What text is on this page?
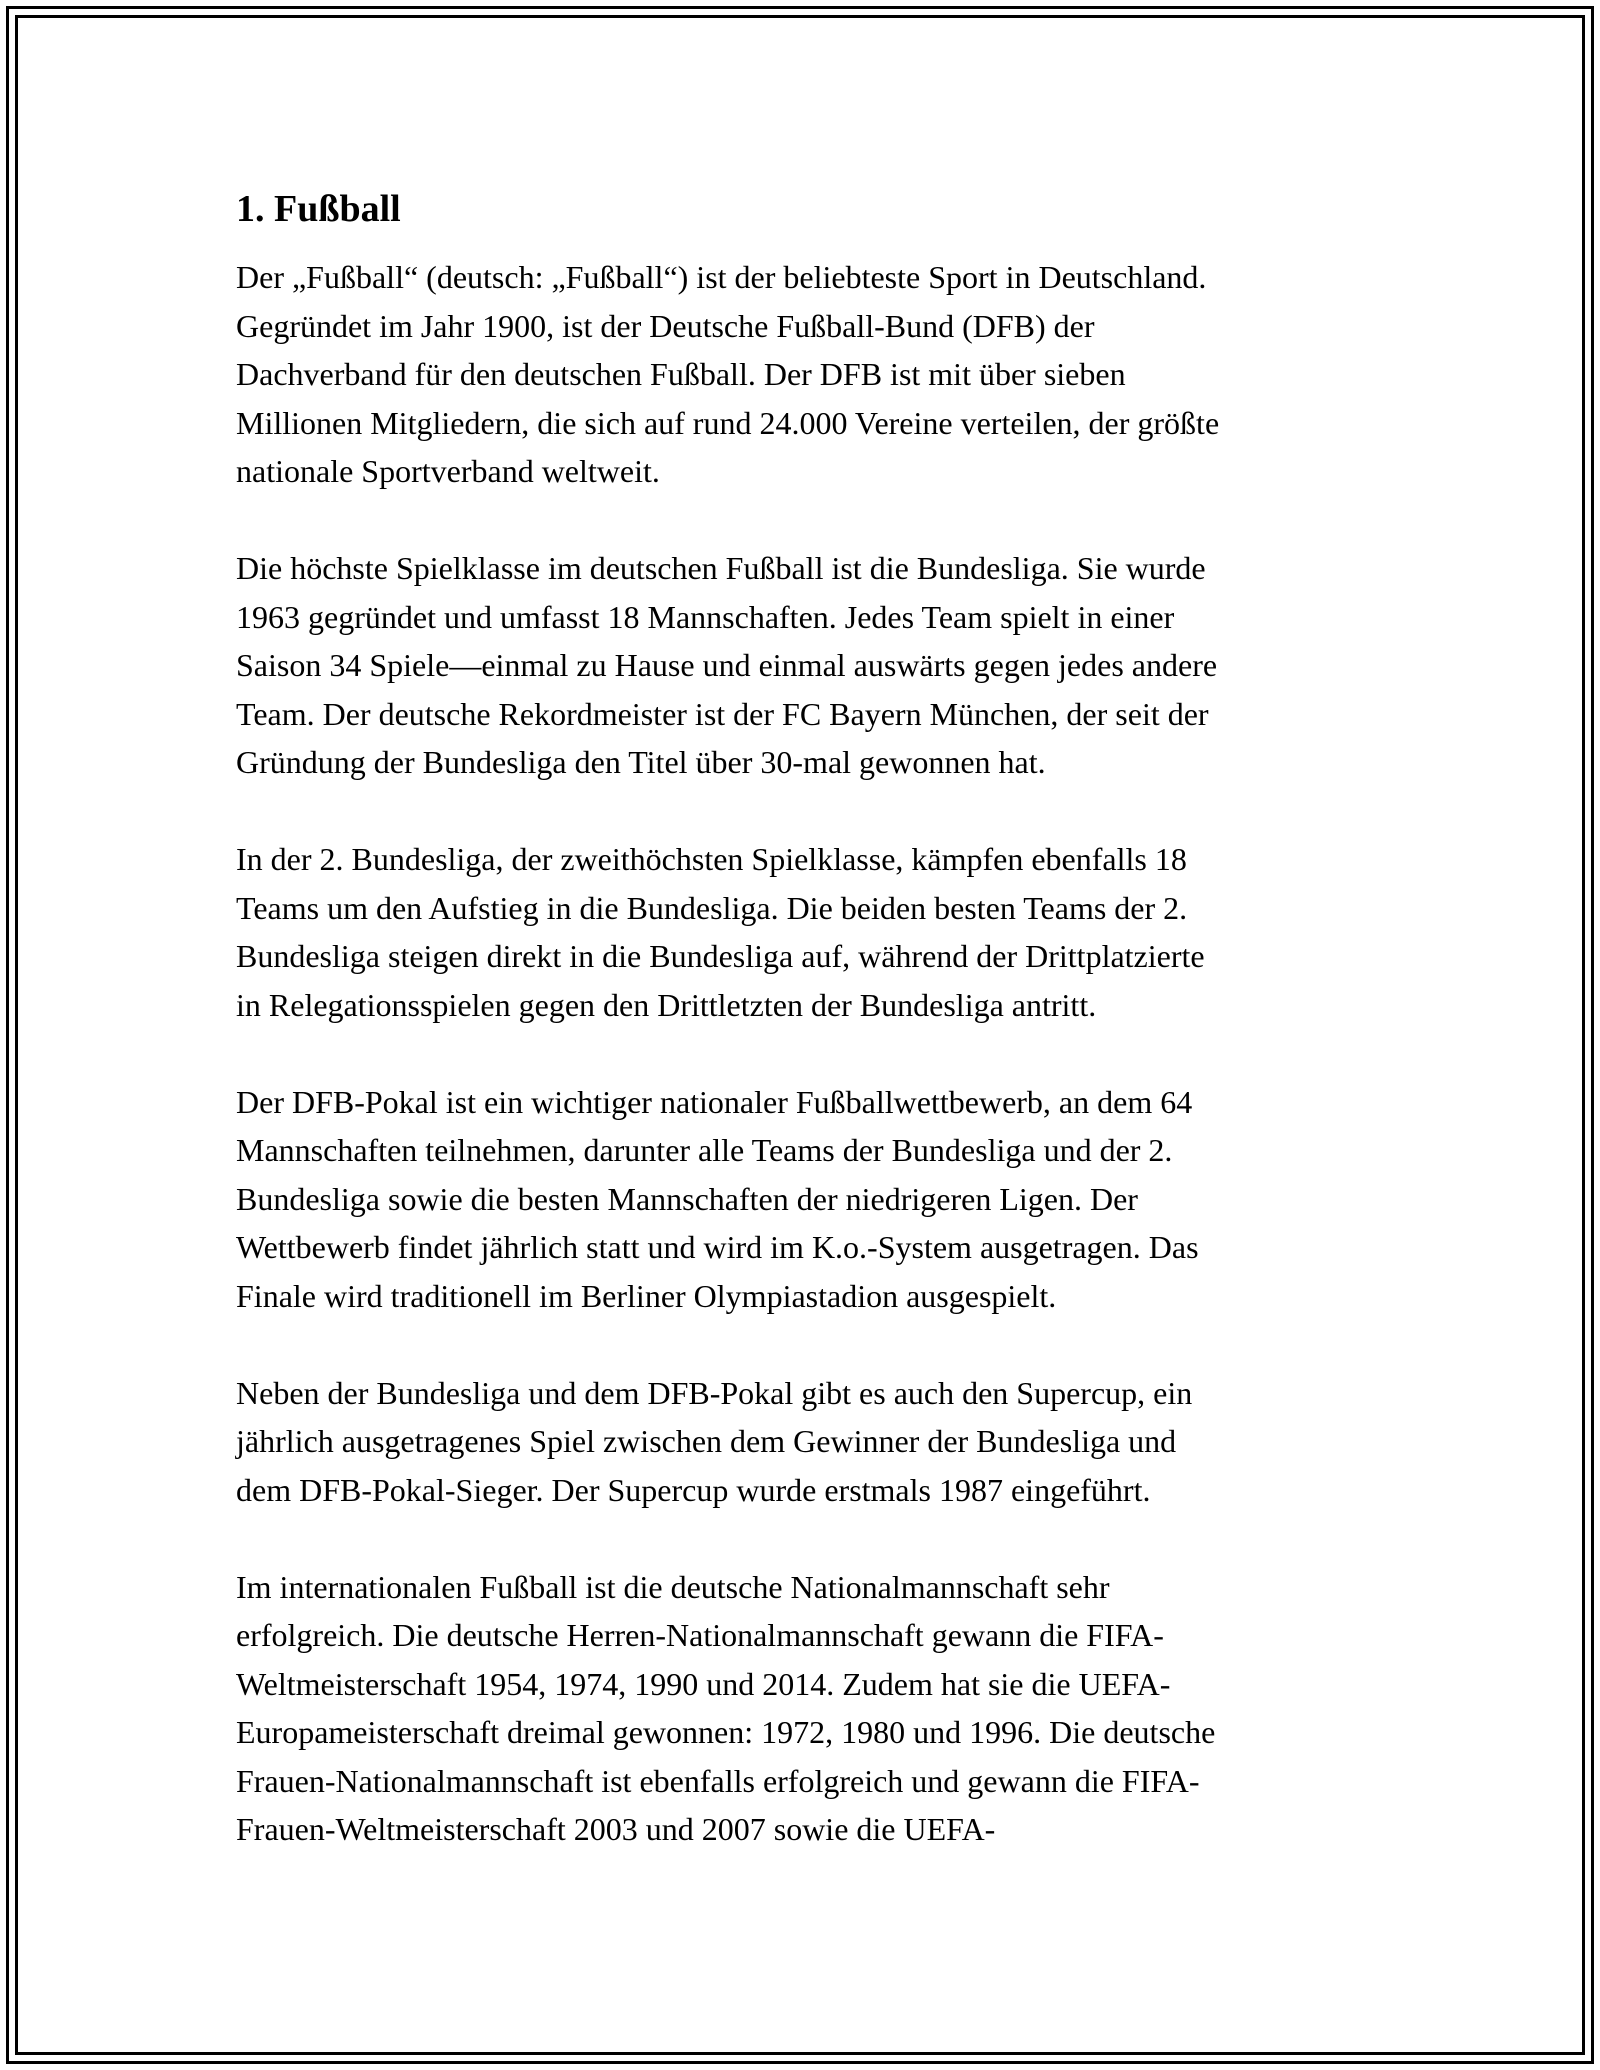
1. Fußball

Der „Fußball“ (deutsch: „Fußball“) ist der beliebteste Sport in Deutschland.
Gegründet im Jahr 1900, ist der Deutsche Fußball-Bund (DFB) der
Dachverband für den deutschen Fußball. Der DFB ist mit über sieben
Millionen Mitgliedern, die sich auf rund 24.000 Vereine verteilen, der größte
nationale Sportverband weltweit.

Die höchste Spielklasse im deutschen Fußball ist die Bundesliga. Sie wurde
1963 gegründet und umfasst 18 Mannschaften. Jedes Team spielt in einer
Saison 34 Spiele—einmal zu Hause und einmal auswärts gegen jedes andere
Team. Der deutsche Rekordmeister ist der FC Bayern München, der seit der
Gründung der Bundesliga den Titel über 30-mal gewonnen hat.

In der 2. Bundesliga, der zweithöchsten Spielklasse, kämpfen ebenfalls 18
Teams um den Aufstieg in die Bundesliga. Die beiden besten Teams der 2.
Bundesliga steigen direkt in die Bundesliga auf, während der Drittplatzierte
in Relegationsspielen gegen den Drittletzten der Bundesliga antritt.

Der DFB-Pokal ist ein wichtiger nationaler Fußballwettbewerb, an dem 64
Mannschaften teilnehmen, darunter alle Teams der Bundesliga und der 2.
Bundesliga sowie die besten Mannschaften der niedrigeren Ligen. Der
Wettbewerb findet jährlich statt und wird im K.o.-System ausgetragen. Das
Finale wird traditionell im Berliner Olympiastadion ausgespielt.

Neben der Bundesliga und dem DFB-Pokal gibt es auch den Supercup, ein
jährlich ausgetragenes Spiel zwischen dem Gewinner der Bundesliga und
dem DFB-Pokal-Sieger. Der Supercup wurde erstmals 1987 eingeführt.

Im internationalen Fußball ist die deutsche Nationalmannschaft sehr
erfolgreich. Die deutsche Herren-Nationalmannschaft gewann die FIFA-
Weltmeisterschaft 1954, 1974, 1990 und 2014. Zudem hat sie die UEFA-
Europameisterschaft dreimal gewonnen: 1972, 1980 und 1996. Die deutsche
Frauen-Nationalmannschaft ist ebenfalls erfolgreich und gewann die FIFA-
Frauen-Weltmeisterschaft 2003 und 2007 sowie die UEFA-
